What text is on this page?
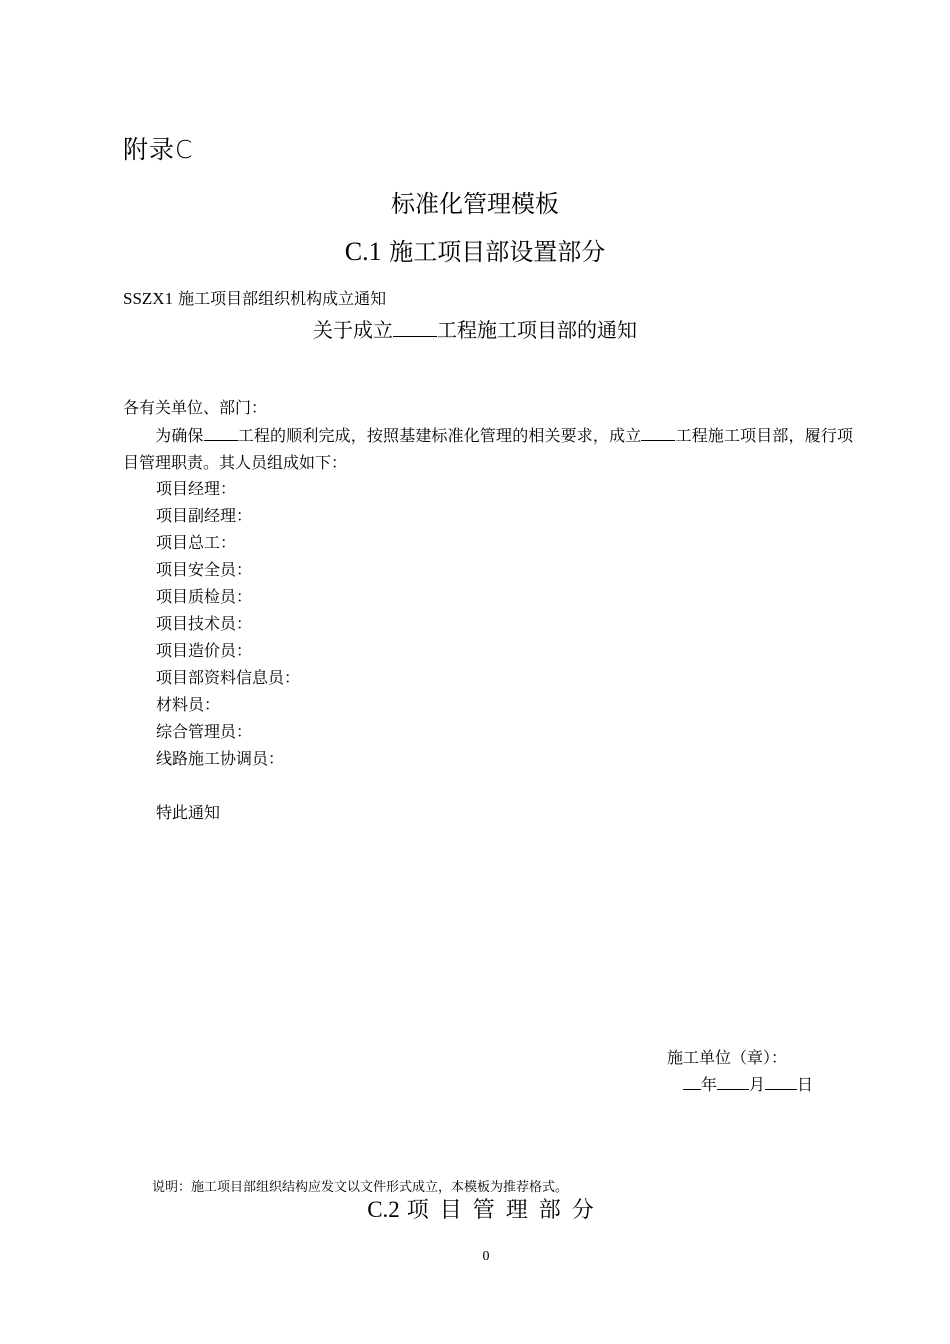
附录C
标准化管理模板
C.1 施工项目部设置部分
SSZX1 施工项目部组织机构成立通知
关于成立 工程施工项目部的通知
各有关单位、部门：
为确保 工程的顺利完成，按照基建标准化管理的相关要求，成立 工程施工项目部，履行项目管理职责。其人员组成如下：
项目经理：
项目副经理：
项目总工：
项目安全员：
项目质检员：
项目技术员：
项目造价员：
项目部资料信息员：
材料员：
综合管理员：
线路施工协调员：
特此通知
施工单位（章）：
年 月 日
说明：施工项目部组织结构应发文以文件形式成立，本模板为推荐格式。
C.2 项目管理部分
0
